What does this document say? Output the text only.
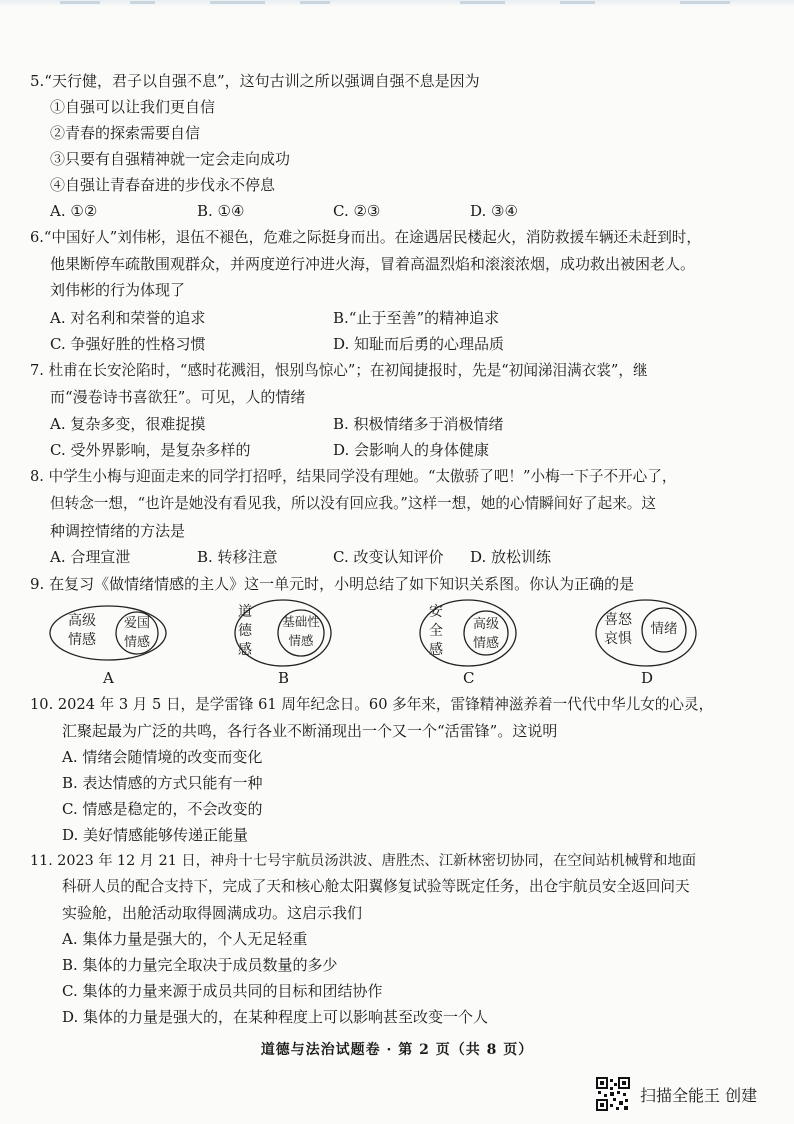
5.“天行健，君子以自强不息”，这句古训之所以强调自强不息是因为
①自强可以让我们更自信
②青春的探索需要自信
③只要有自强精神就一定会走向成功
④自强让青春奋进的步伐永不停息
A. ①②	B. ①④	C. ②③	D. ③④
6.“中国好人”刘伟彬，退伍不褪色，危难之际挺身而出。在途遇居民楼起火，消防救援车辆还未赶到时，
他果断停车疏散围观群众，并两度逆行冲进火海，冒着高温烈焰和滚滚浓烟，成功救出被困老人。
刘伟彬的行为体现了
A. 对名利和荣誉的追求	B.“止于至善”的精神追求
C. 争强好胜的性格习惯	D. 知耻而后勇的心理品质
7. 杜甫在长安沦陷时，“感时花溅泪，恨别鸟惊心”；在初闻捷报时，先是“初闻涕泪满衣裳”，继
而“漫卷诗书喜欲狂”。可见，人的情绪
A. 复杂多变，很难捉摸	B. 积极情绪多于消极情绪
C. 受外界影响，是复杂多样的	D. 会影响人的身体健康
8. 中学生小梅与迎面走来的同学打招呼，结果同学没有理她。“太傲骄了吧！”小梅一下子不开心了，
但转念一想，“也许是她没有看见我，所以没有回应我。”这样一想，她的心情瞬间好了起来。这
种调控情绪的方法是
A. 合理宣泄	B. 转移注意	C. 改变认知评价 D. 放松训练
9. 在复习《做情绪情感的主人》这一单元时，小明总结了如下知识关系图。你认为正确的是
高级
情感
爱国
情感
A
道
德
感
基础性
情感
B
安
全
感
高级
情感
C
喜怒
哀惧
情绪
D
10. 2024 年 3 月 5 日，是学雷锋 61 周年纪念日。60 多年来，雷锋精神滋养着一代代中华儿女的心灵，
汇聚起最为广泛的共鸣，各行各业不断涌现出一个又一个“活雷锋”。这说明
A. 情绪会随情境的改变而变化
B. 表达情感的方式只能有一种
C. 情感是稳定的，不会改变的
D. 美好情感能够传递正能量
11. 2023 年 12 月 21 日，神舟十七号宇航员汤洪波、唐胜杰、江新林密切协同，在空间站机械臂和地面
科研人员的配合支持下，完成了天和核心舱太阳翼修复试验等既定任务，出仓宇航员安全返回问天
实验舱，出舱活动取得圆满成功。这启示我们
A. 集体力量是强大的，个人无足轻重
B. 集体的力量完全取决于成员数量的多少
C. 集体的力量来源于成员共同的目标和团结协作
D. 集体的力量是强大的，在某种程度上可以影响甚至改变一个人
道德与法治试题卷 · 第 2 页（共 8 页）
扫描全能王 创建
